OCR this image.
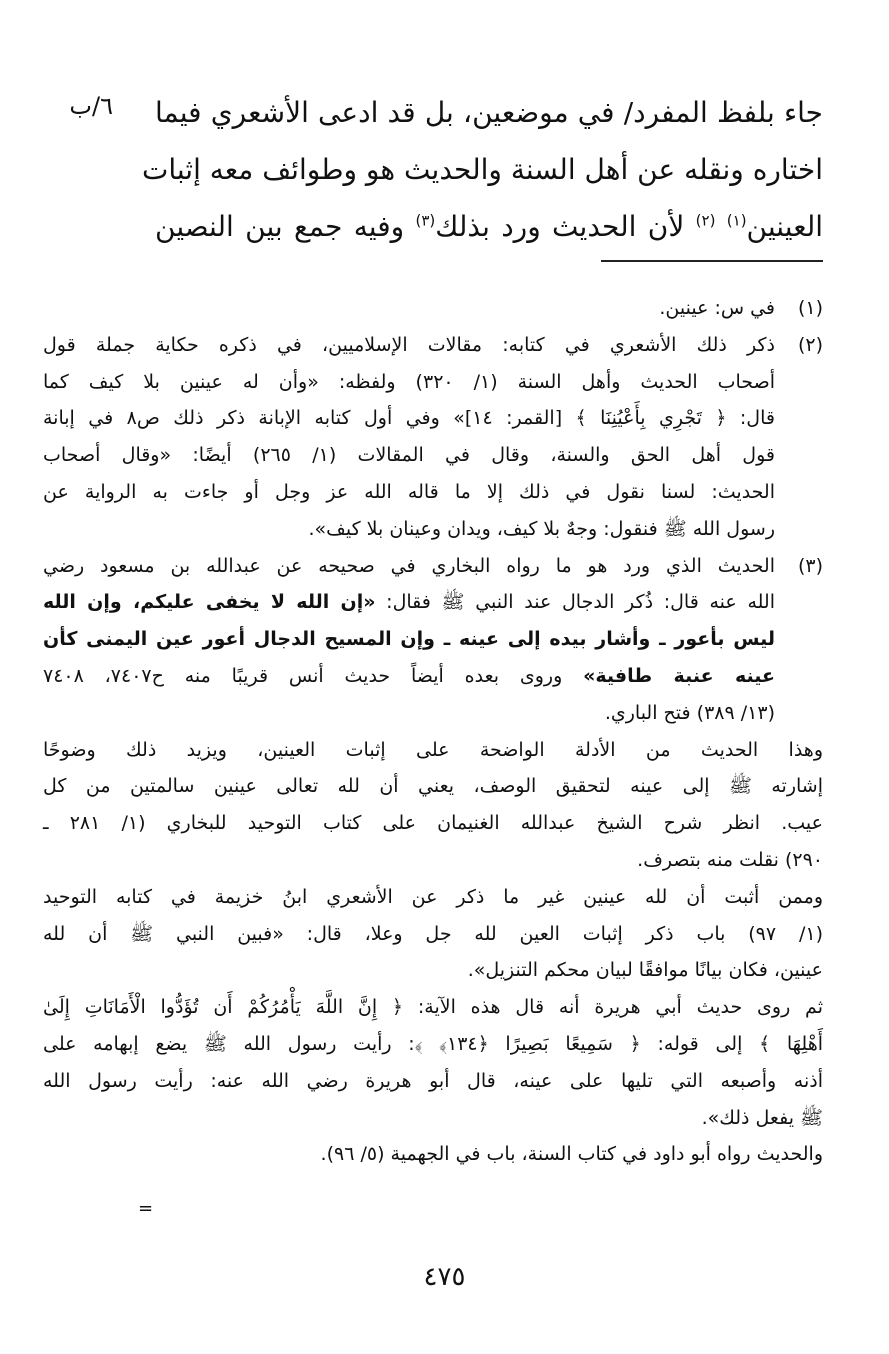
٦/ب جاء بلفظ المفرد/ في موضعين، بل قد ادعى الأشعري فيما
اختاره ونقله عن أهل السنة والحديث هو وطوائف معه إثبات
العينين$^{(١)}$ $^{(٢)}$ لأن الحديث ورد بذلك$^{(٣)}$ وفيه جمع بين النصين
(١)
في س: عينين.
(٢)
ذكر ذلك الأشعري في كتابه: مقالات الإسلاميين، في ذكره حكاية جملة قول
أصحاب الحديث وأهل السنة (١/ ٣٢٠) ولفظه: «وأن له عينين بلا كيف كما
قال: ﴿ تَجْرِي بِأَعْيُنِنَا ﴾ [القمر: ١٤]» وفي أول كتابه الإبانة ذكر ذلك ص٨ في إبانة
قول أهل الحق والسنة، وقال في المقالات (١/ ٢٦٥) أيضًا: «وقال أصحاب
الحديث: لسنا نقول في ذلك إلا ما قاله الله عز وجل أو جاءت به الرواية عن
رسول الله ﷺ فنقول: وجهٌ بلا كيف، ويدان وعينان بلا كيف».
(٣)
الحديث الذي ورد هو ما رواه البخاري في صحيحه عن عبدالله بن مسعود رضي
الله عنه قال: ذُكر الدجال عند النبي ﷺ فقال: «إن الله لا يخفى عليكم، وإن الله
ليس بأعور ـ وأشار بيده إلى عينه ـ وإن المسيح الدجال أعور عين اليمنى كأن
عينه عنبة طافية» وروى بعده أيضاً حديث أنس قريبًا منه ح٧٤٠٧، ٧٤٠٨
(١٣/ ٣٨٩) فتح الباري.
وهذا الحديث من الأدلة الواضحة على إثبات العينين، ويزيد ذلك وضوحًا
إشارته ﷺ إلى عينه لتحقيق الوصف، يعني أن لله تعالى عينين سالمتين من كل
عيب. انظر شرح الشيخ عبدالله الغنيمان على كتاب التوحيد للبخاري (١/ ٢٨١ ـ
٢٩٠) نقلت منه بتصرف.
وممن أثبت أن لله عينين غير ما ذكر عن الأشعري ابنُ خزيمة في كتابه التوحيد
(١/ ٩٧) باب ذكر إثبات العين لله جل وعلا، قال: «فبين النبي ﷺ أن لله
عينين، فكان بيانًا موافقًا لبيان محكم التنزيل».
ثم روى حديث أبي هريرة أنه قال هذه الآية: ﴿ إِنَّ اللَّهَ يَأْمُرُكُمْ أَن تُؤَدُّوا الْأَمَانَاتِ إِلَىٰ
أَهْلِهَا ﴾ إلى قوله: ﴿ سَمِيعًا بَصِيرًا ﴿١٣٤﴾ ﴾: رأيت رسول الله ﷺ يضع إبهامه على
أذنه وأصبعه التي تليها على عينه، قال أبو هريرة رضي الله عنه: رأيت رسول الله
ﷺ يفعل ذلك».
والحديث رواه أبو داود في كتاب السنة، باب في الجهمية (٥/ ٩٦).
=
٤٧٥
